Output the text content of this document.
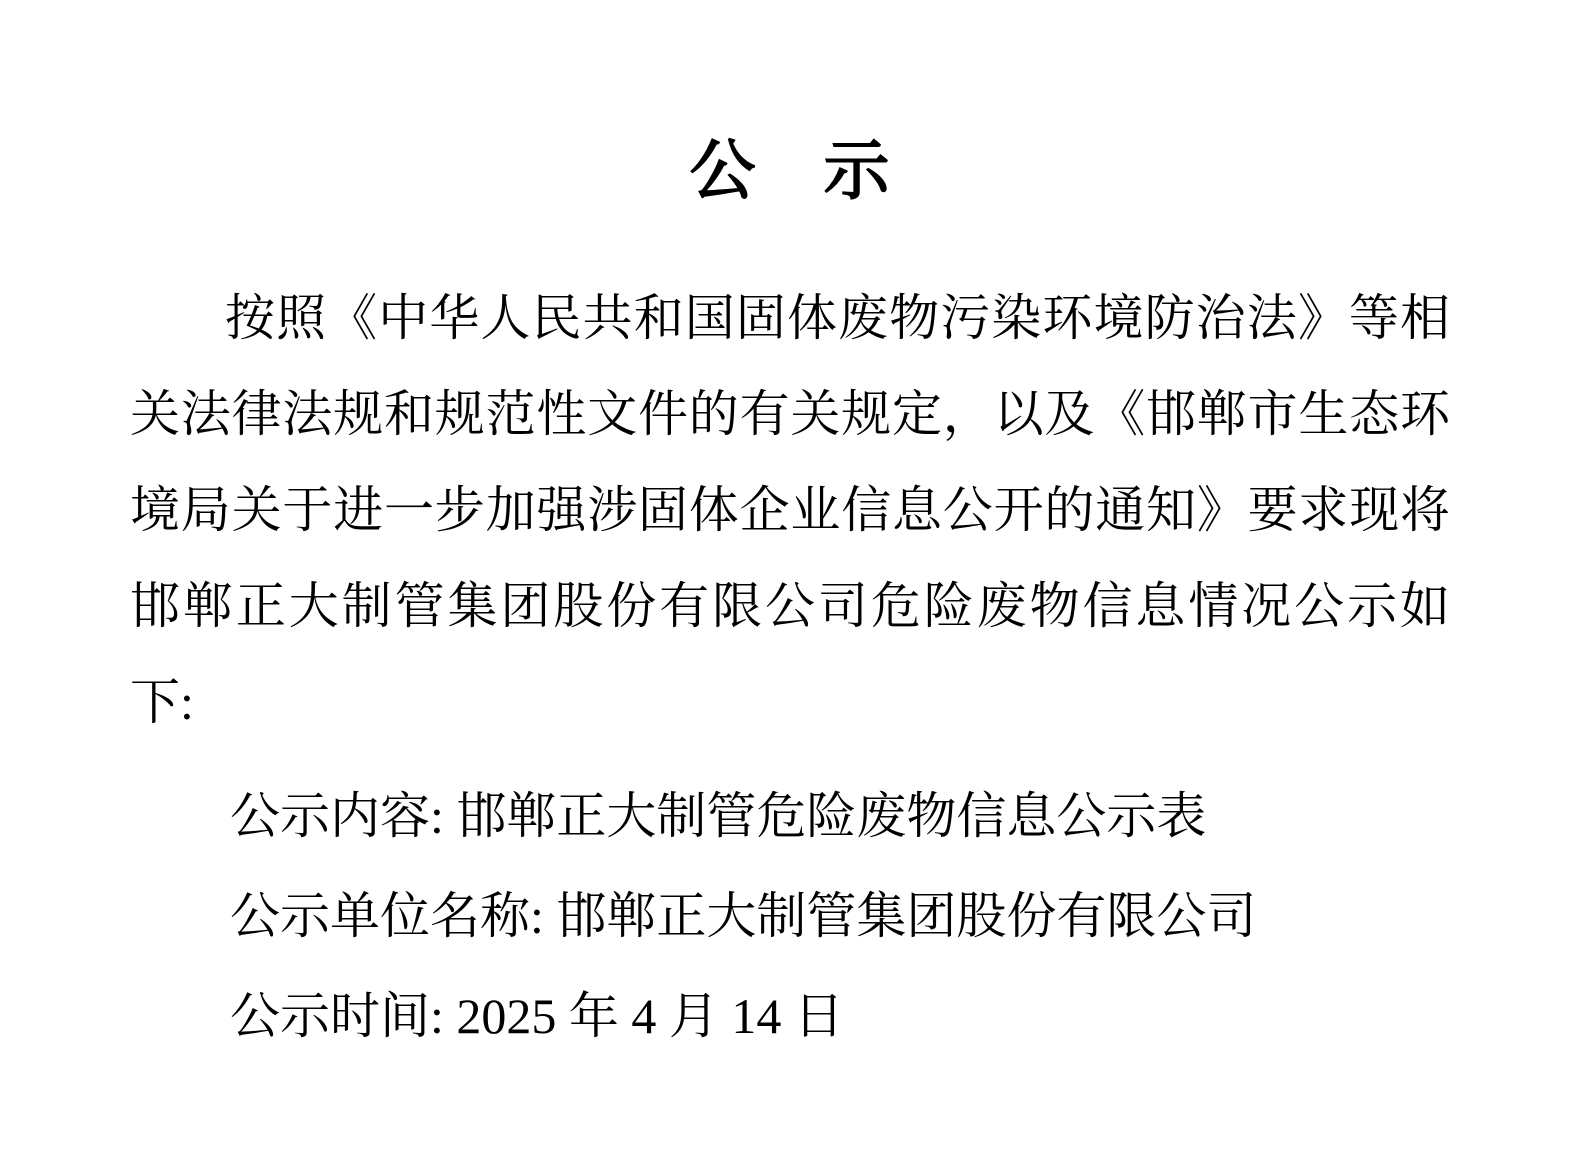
公　示
按照《中华人民共和国固体废物污染环境防治法》等相
关法律法规和规范性文件的有关规定，以及《邯郸市生态环
境局关于进一步加强涉固体企业信息公开的通知》要求现将
邯郸正大制管集团股份有限公司危险废物信息情况公示如
下:
公示内容: 邯郸正大制管危险废物信息公示表
公示单位名称: 邯郸正大制管集团股份有限公司
公示时间: 2025 年 4 月 14 日
